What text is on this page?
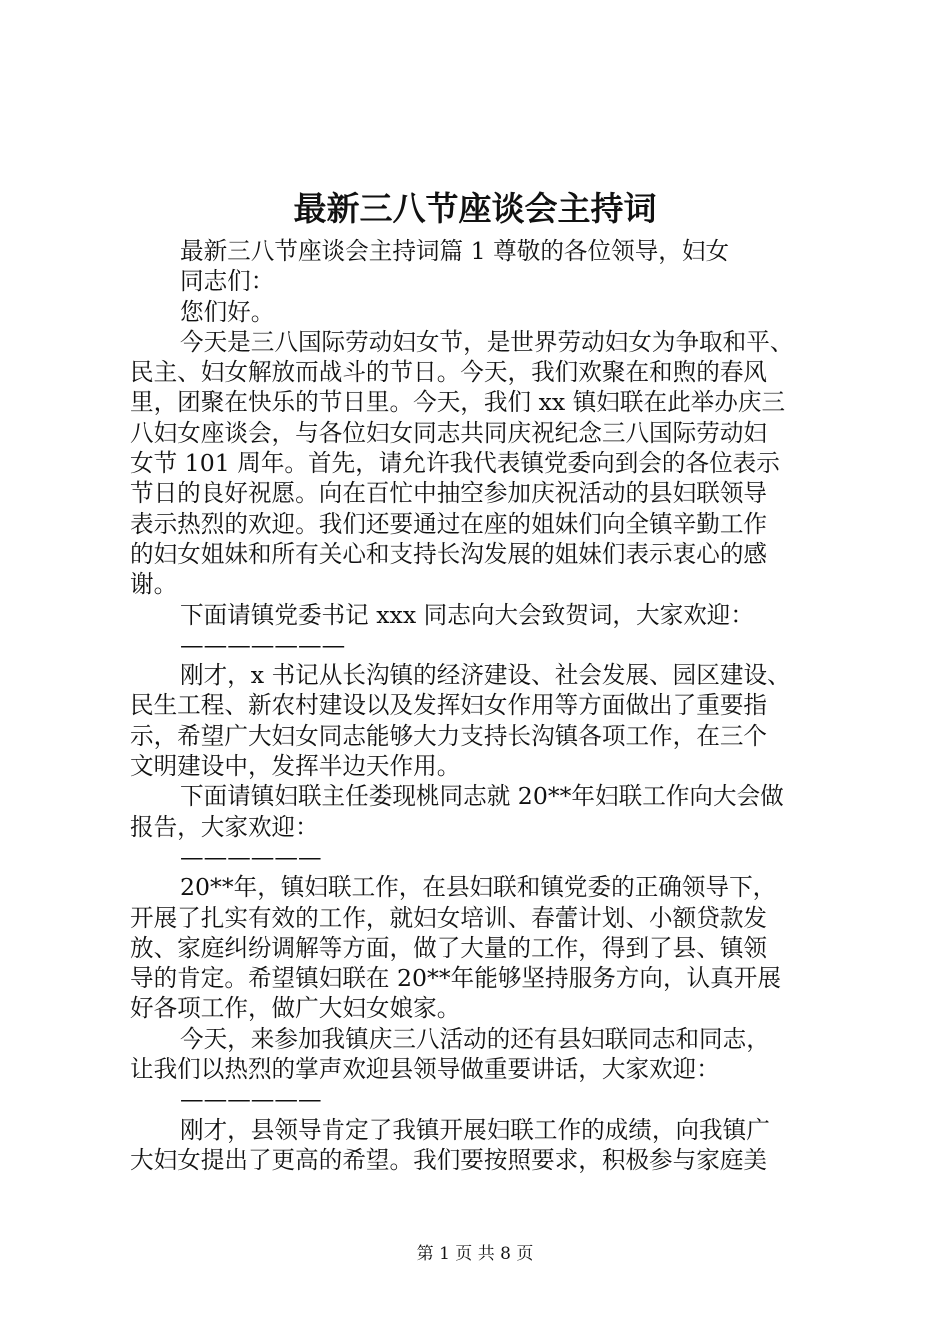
最新三八节座谈会主持词
最新三八节座谈会主持词篇 1 尊敬的各位领导，妇女
同志们：
您们好。
今天是三八国际劳动妇女节，是世界劳动妇女为争取和平、
民主、妇女解放而战斗的节日。今天，我们欢聚在和煦的春风
里，团聚在快乐的节日里。今天，我们 xx 镇妇联在此举办庆三
八妇女座谈会，与各位妇女同志共同庆祝纪念三八国际劳动妇
女节 101 周年。首先，请允许我代表镇党委向到会的各位表示
节日的良好祝愿。向在百忙中抽空参加庆祝活动的县妇联领导
表示热烈的欢迎。我们还要通过在座的姐妹们向全镇辛勤工作
的妇女姐妹和所有关心和支持长沟发展的姐妹们表示衷心的感
谢。
下面请镇党委书记 xxx 同志向大会致贺词，大家欢迎：
———————
刚才，x 书记从长沟镇的经济建设、社会发展、园区建设、
民生工程、新农村建设以及发挥妇女作用等方面做出了重要指
示，希望广大妇女同志能够大力支持长沟镇各项工作，在三个
文明建设中，发挥半边天作用。
下面请镇妇联主任娄现桃同志就 20**年妇联工作向大会做
报告，大家欢迎：
——————
20**年，镇妇联工作，在县妇联和镇党委的正确领导下，
开展了扎实有效的工作，就妇女培训、春蕾计划、小额贷款发
放、家庭纠纷调解等方面，做了大量的工作，得到了县、镇领
导的肯定。希望镇妇联在 20**年能够坚持服务方向，认真开展
好各项工作，做广大妇女娘家。
今天，来参加我镇庆三八活动的还有县妇联同志和同志，
让我们以热烈的掌声欢迎县领导做重要讲话，大家欢迎：
——————
刚才，县领导肯定了我镇开展妇联工作的成绩，向我镇广
大妇女提出了更高的希望。我们要按照要求，积极参与家庭美
第 1 页 共 8 页
